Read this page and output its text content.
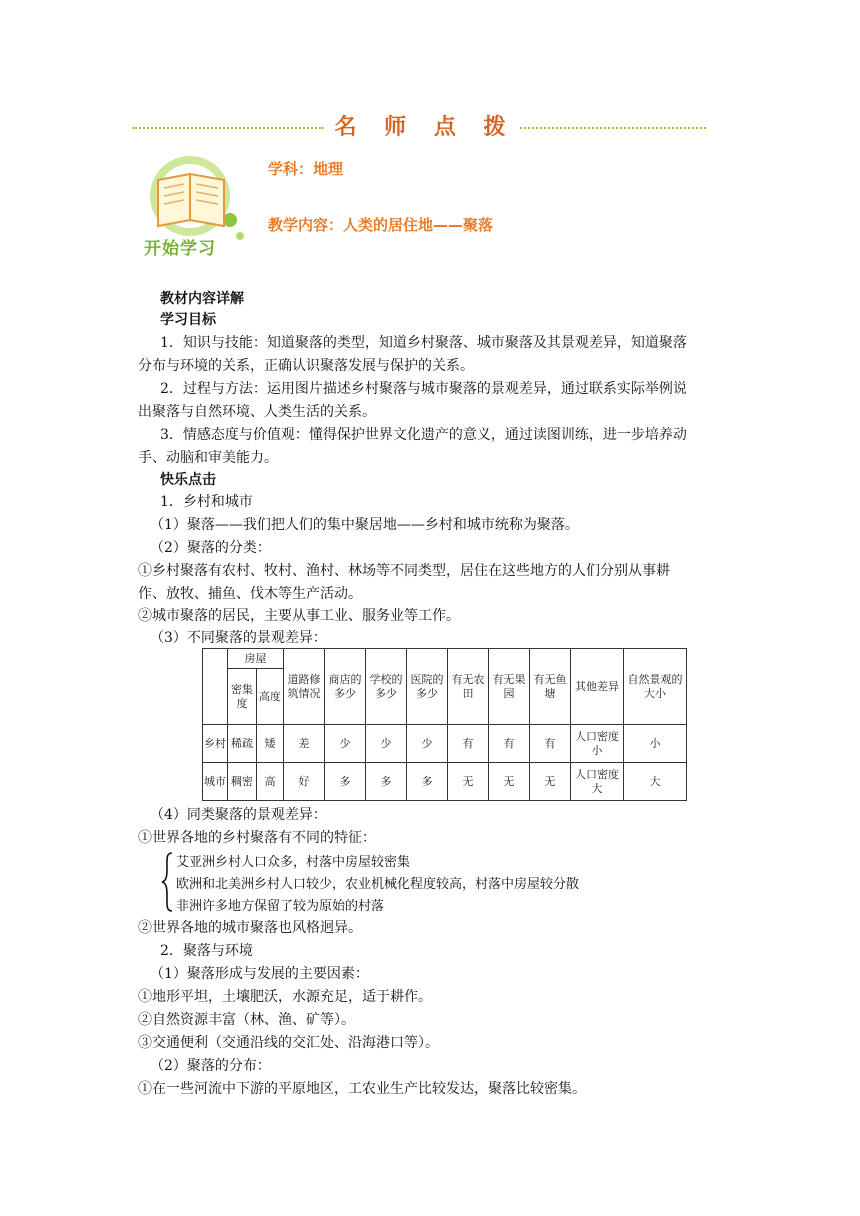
名 师 点 拨
开始学习
学科：地理
教学内容：人类的居住地——聚落
教材内容详解
学习目标
1．知识与技能：知道聚落的类型，知道乡村聚落、城市聚落及其景观差异，知道聚落
分布与环境的关系，正确认识聚落发展与保护的关系。
2．过程与方法：运用图片描述乡村聚落与城市聚落的景观差异，通过联系实际举例说
出聚落与自然环境、人类生活的关系。
3．情感态度与价值观：懂得保护世界文化遗产的意义，通过读图训练，进一步培养动
手、动脑和审美能力。
快乐点击
1．乡村和城市
（1）聚落——我们把人们的集中聚居地——乡村和城市统称为聚落。
（2）聚落的分类：
①乡村聚落有农村、牧村、渔村、林场等不同类型，居住在这些地方的人们分别从事耕
作、放牧、捕鱼、伐木等生产活动。
②城市聚落的居民，主要从事工业、服务业等工作。
（3）不同聚落的景观差异：
	房屋		道路修筑情况	商店的多少	学校的多少	医院的多少	有无农田	有无果园	有无鱼塘	其他差异	自然景观的大小
	密集度	高度									

乡村	稀疏	矮	差	少	少	少	有	有	有	人口密度小	小
城市	稠密	高	好	多	多	多	无	无	无	人口密度大	大
（4）同类聚落的景观差异：
①世界各地的乡村聚落有不同的特征：
艾亚洲乡村人口众多，村落中房屋较密集
欧洲和北美洲乡村人口较少，农业机械化程度较高，村落中房屋较分散
非洲许多地方保留了较为原始的村落
②世界各地的城市聚落也风格迥异。
2．聚落与环境
（1）聚落形成与发展的主要因素：
①地形平坦，土壤肥沃，水源充足，适于耕作。
②自然资源丰富（林、渔、矿等）。
③交通便利（交通沿线的交汇处、沿海港口等）。
（2）聚落的分布：
①在一些河流中下游的平原地区，工农业生产比较发达，聚落比较密集。
